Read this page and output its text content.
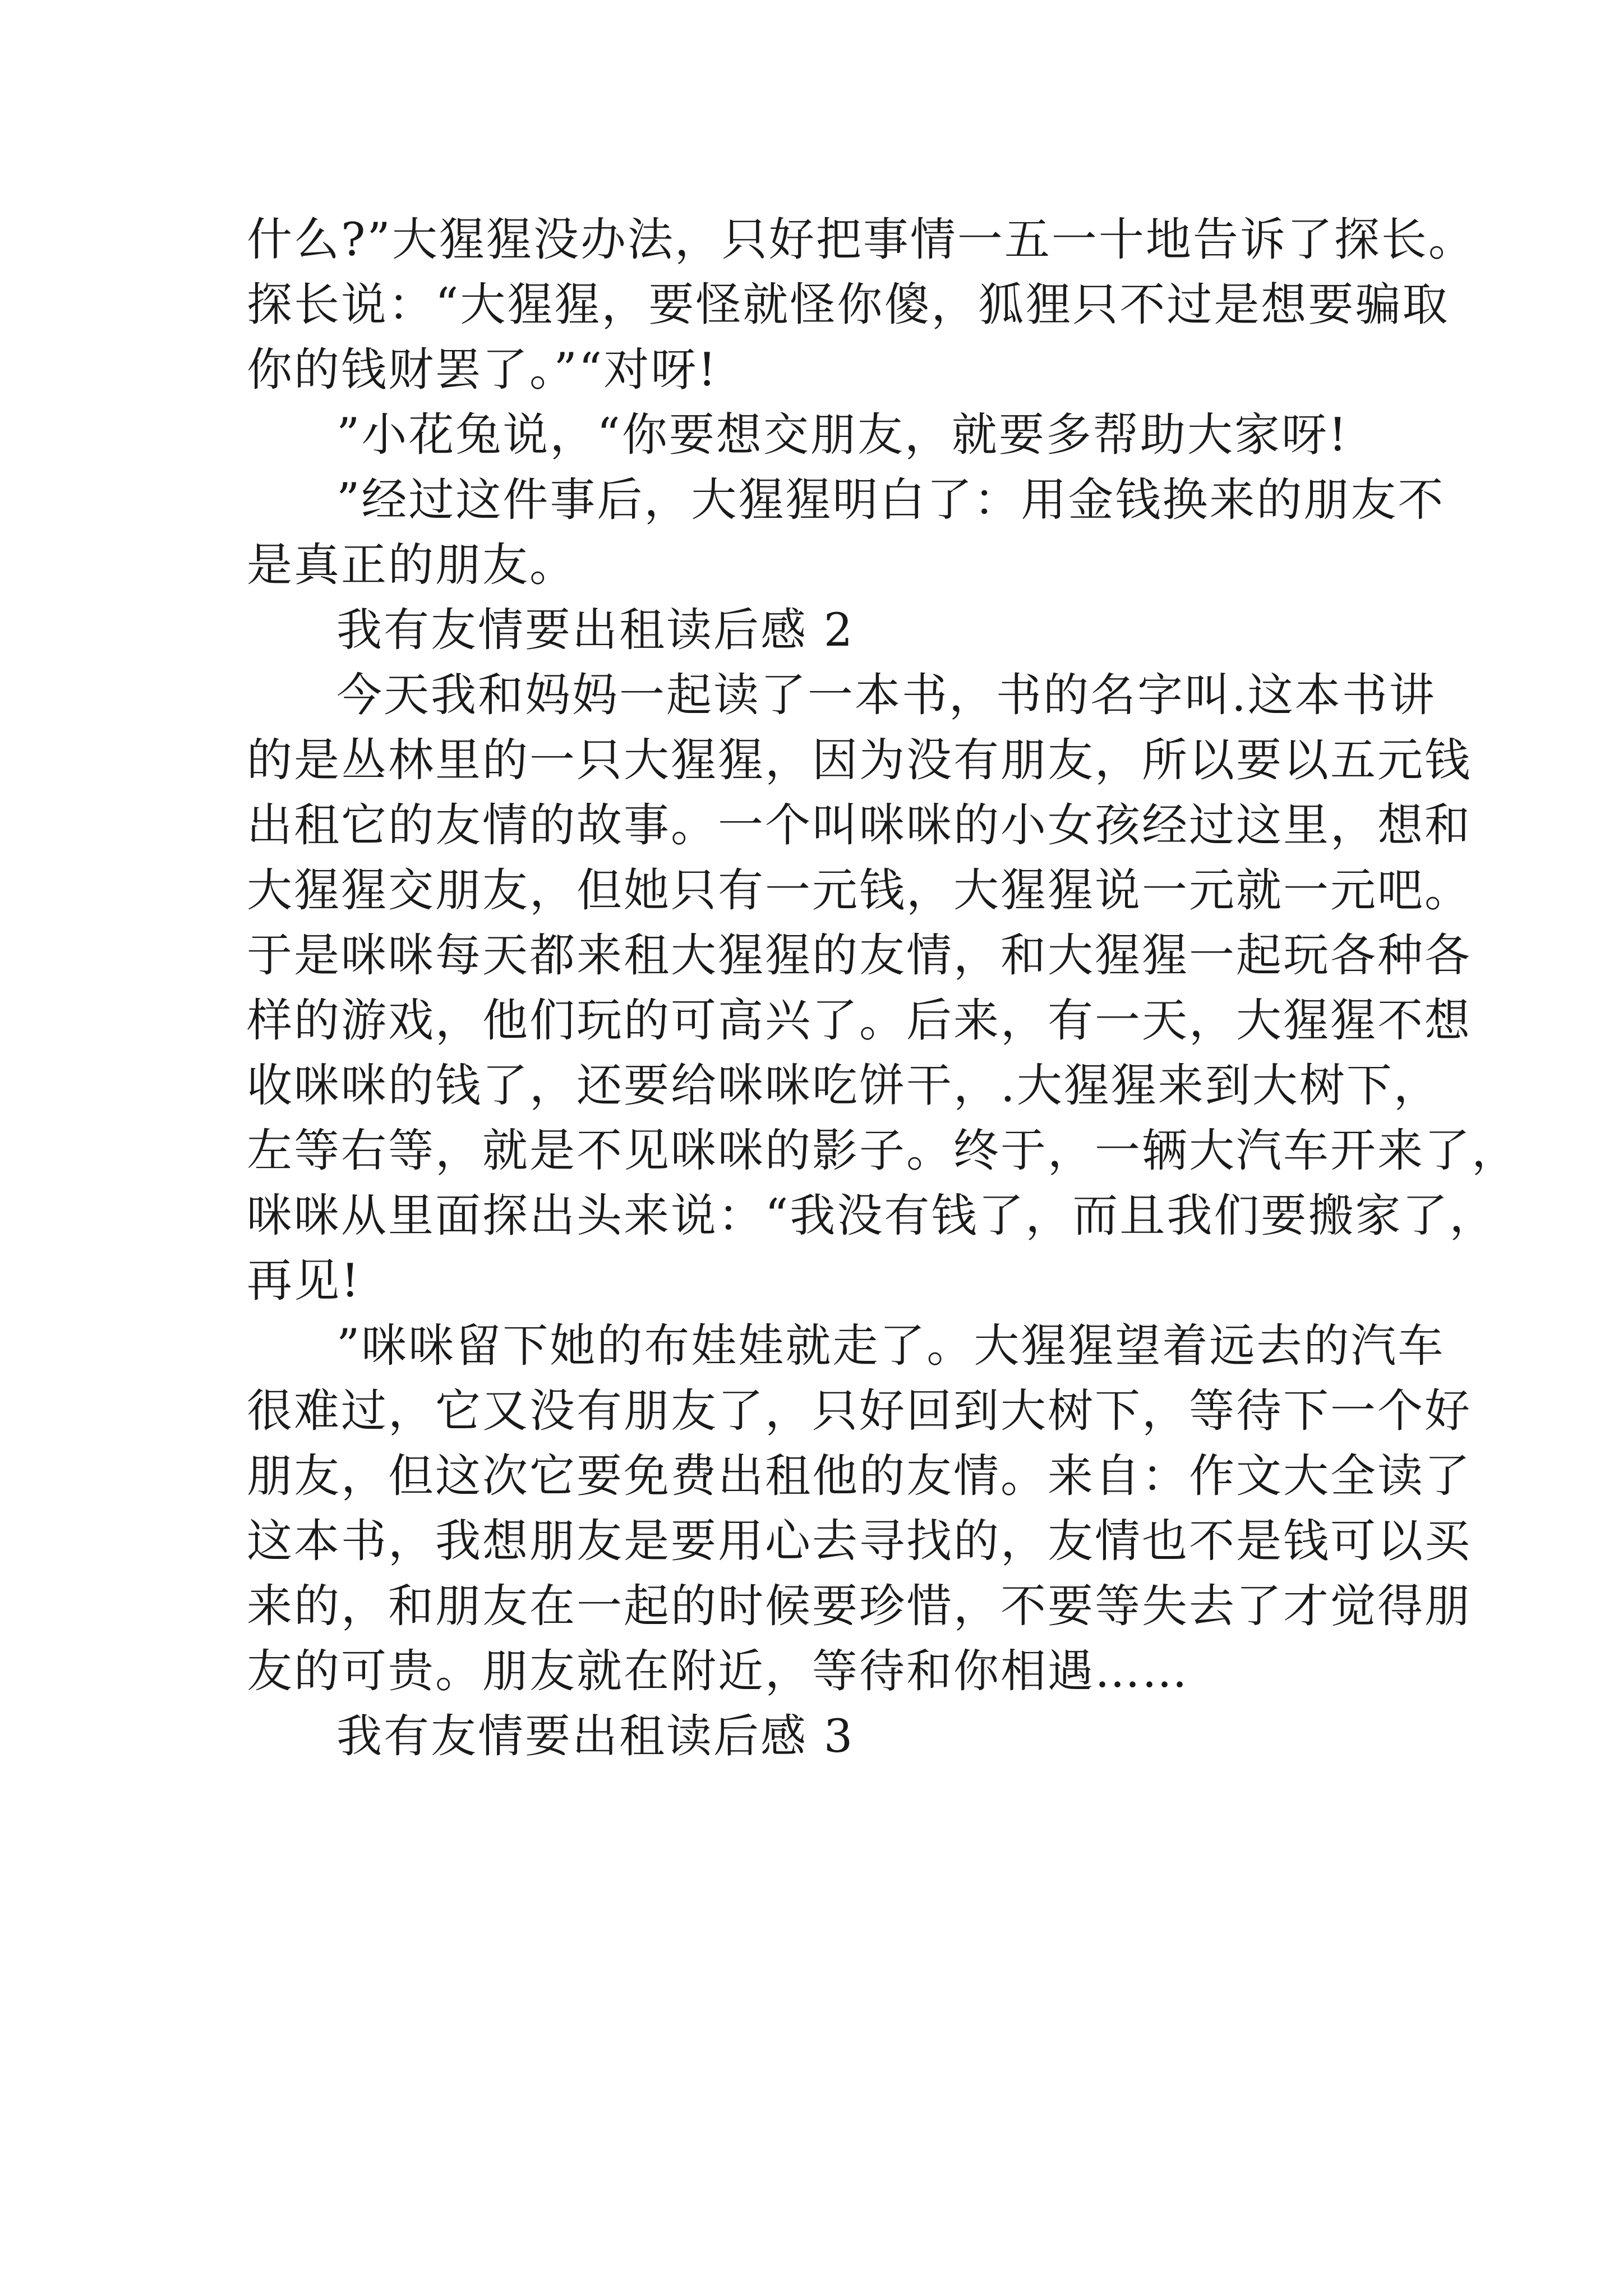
什么?”大猩猩没办法，只好把事情一五一十地告诉了探长。
探长说：“大猩猩，要怪就怪你傻，狐狸只不过是想要骗取
你的钱财罢了。”“对呀!
”小花兔说，“你要想交朋友，就要多帮助大家呀!
”经过这件事后，大猩猩明白了：用金钱换来的朋友不
是真正的朋友。
我有友情要出租读后感 2
今天我和妈妈一起读了一本书，书的名字叫.这本书讲
的是丛林里的一只大猩猩，因为没有朋友，所以要以五元钱
出租它的友情的故事。一个叫咪咪的小女孩经过这里，想和
大猩猩交朋友，但她只有一元钱，大猩猩说一元就一元吧。
于是咪咪每天都来租大猩猩的友情，和大猩猩一起玩各种各
样的游戏，他们玩的可高兴了。后来，有一天，大猩猩不想
收咪咪的钱了，还要给咪咪吃饼干，.大猩猩来到大树下，
左等右等，就是不见咪咪的影子。终于，一辆大汽车开来了，
咪咪从里面探出头来说：“我没有钱了，而且我们要搬家了，
再见!
”咪咪留下她的布娃娃就走了。大猩猩望着远去的汽车
很难过，它又没有朋友了，只好回到大树下，等待下一个好
朋友，但这次它要免费出租他的友情。来自：作文大全读了
这本书，我想朋友是要用心去寻找的，友情也不是钱可以买
来的，和朋友在一起的时候要珍惜，不要等失去了才觉得朋
友的可贵。朋友就在附近，等待和你相遇……
我有友情要出租读后感 3
